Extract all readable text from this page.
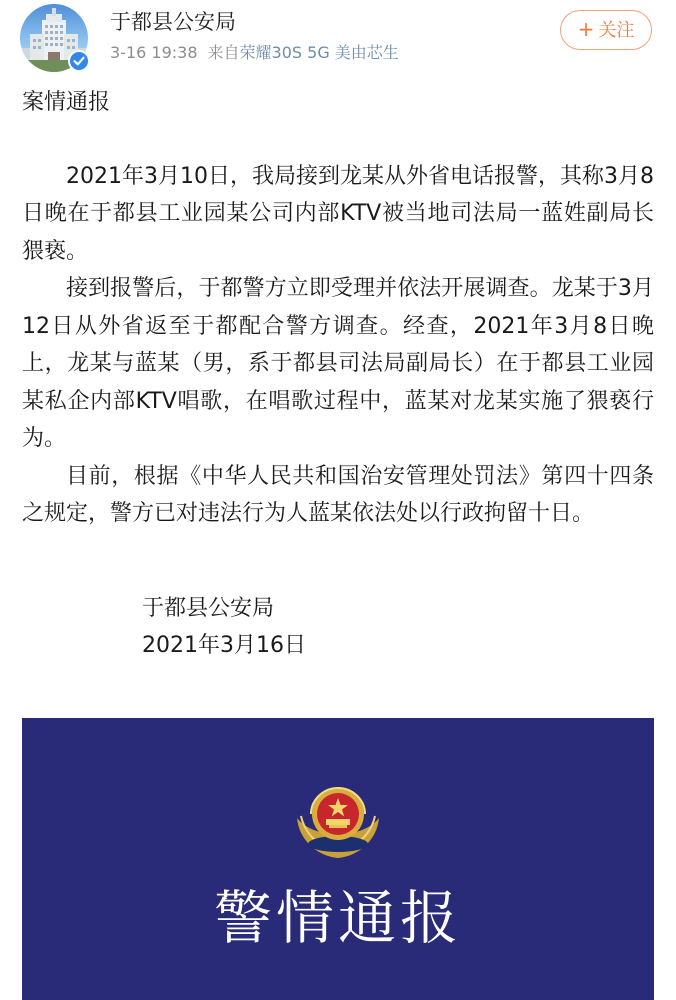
于都县公安局
3-16 19:38 来自荣耀30S 5G 美由芯生
+ 关注
案情通报

2021年3月10日，我局接到龙某从外省电话报警，其称3月8日晚在于都县工业园某公司内部KTV被当地司法局一蓝姓副局长猥亵。

接到报警后，于都警方立即受理并依法开展调查。龙某于3月12日从外省返至于都配合警方调查。经查，2021年3月8日晚上，龙某与蓝某（男，系于都县司法局副局长）在于都县工业园某私企内部KTV唱歌，在唱歌过程中，蓝某对龙某实施了猥亵行为。

目前，根据《中华人民共和国治安管理处罚法》第四十四条之规定，警方已对违法行为人蓝某依法处以行政拘留十日。

于都县公安局
2021年3月16日
警情通报
